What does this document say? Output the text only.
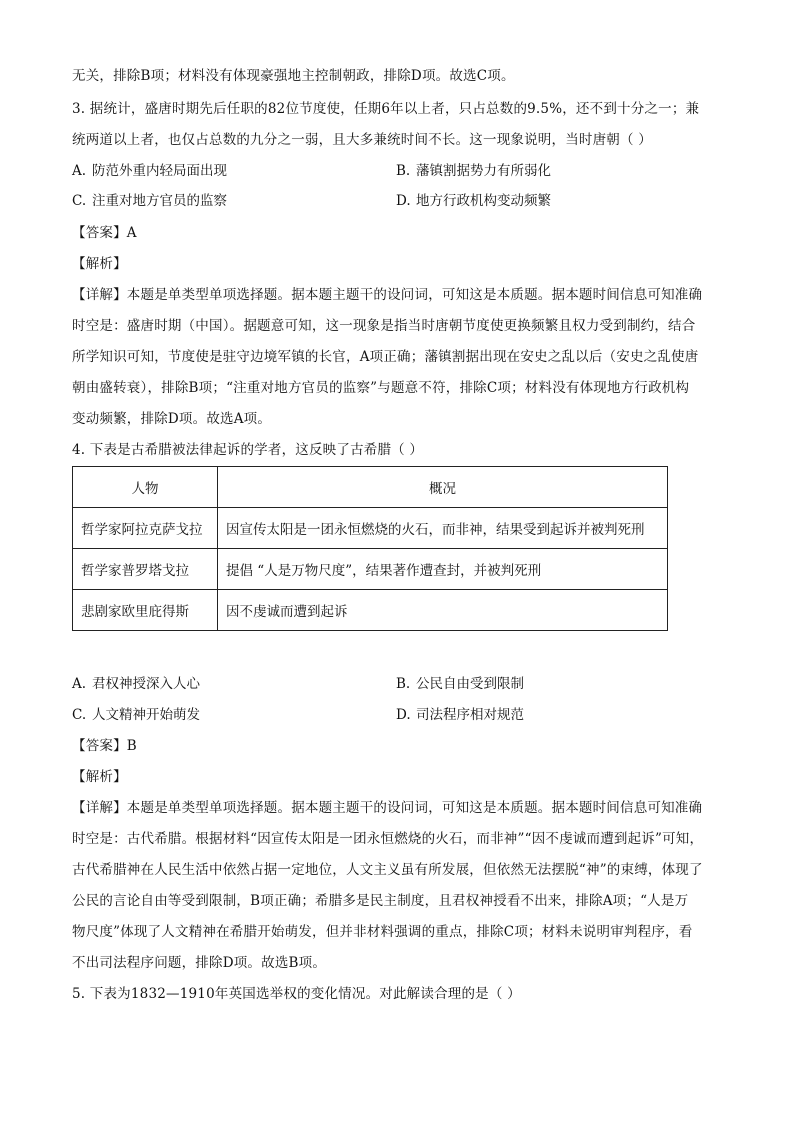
无关，排除B项；材料没有体现豪强地主控制朝政，排除D项。故选C项。
3. 据统计，盛唐时期先后任职的82位节度使，任期6年以上者，只占总数的9.5%，还不到十分之一；兼
统两道以上者，也仅占总数的九分之一弱，且大多兼统时间不长。这一现象说明，当时唐朝（ ）
A. 防范外重内轻局面出现	B. 藩镇割据势力有所弱化
C. 注重对地方官员的监察	D. 地方行政机构变动频繁
【答案】A
【解析】
【详解】本题是单类型单项选择题。据本题主题干的设问词，可知这是本质题。据本题时间信息可知准确
时空是：盛唐时期（中国）。据题意可知，这一现象是指当时唐朝节度使更换频繁且权力受到制约，结合
所学知识可知，节度使是驻守边境军镇的长官，A项正确；藩镇割据出现在安史之乱以后（安史之乱使唐
朝由盛转衰），排除B项；“注重对地方官员的监察”与题意不符，排除C项；材料没有体现地方行政机构
变动频繁，排除D项。故选A项。
4. 下表是古希腊被法律起诉的学者，这反映了古希腊（ ）
人物	概况
哲学家阿拉克萨戈拉	因宣传太阳是一团永恒燃烧的火石，而非神，结果受到起诉并被判死刑
哲学家普罗塔戈拉	提倡 “人是万物尺度”，结果著作遭查封，并被判死刑
悲剧家欧里庇得斯	因不虔诚而遭到起诉
A. 君权神授深入人心	B. 公民自由受到限制
C. 人文精神开始萌发	D. 司法程序相对规范
【答案】B
【解析】
【详解】本题是单类型单项选择题。据本题主题干的设问词，可知这是本质题。据本题时间信息可知准确
时空是：古代希腊。根据材料“因宣传太阳是一团永恒燃烧的火石，而非神”“因不虔诚而遭到起诉”可知，
古代希腊神在人民生活中依然占据一定地位，人文主义虽有所发展，但依然无法摆脱“神”的束缚，体现了
公民的言论自由等受到限制，B项正确；希腊多是民主制度，且君权神授看不出来，排除A项；“人是万
物尺度”体现了人文精神在希腊开始萌发，但并非材料强调的重点，排除C项；材料未说明审判程序，看
不出司法程序问题，排除D项。故选B项。
5. 下表为1832—1910年英国选举权的变化情况。对此解读合理的是（ ）
